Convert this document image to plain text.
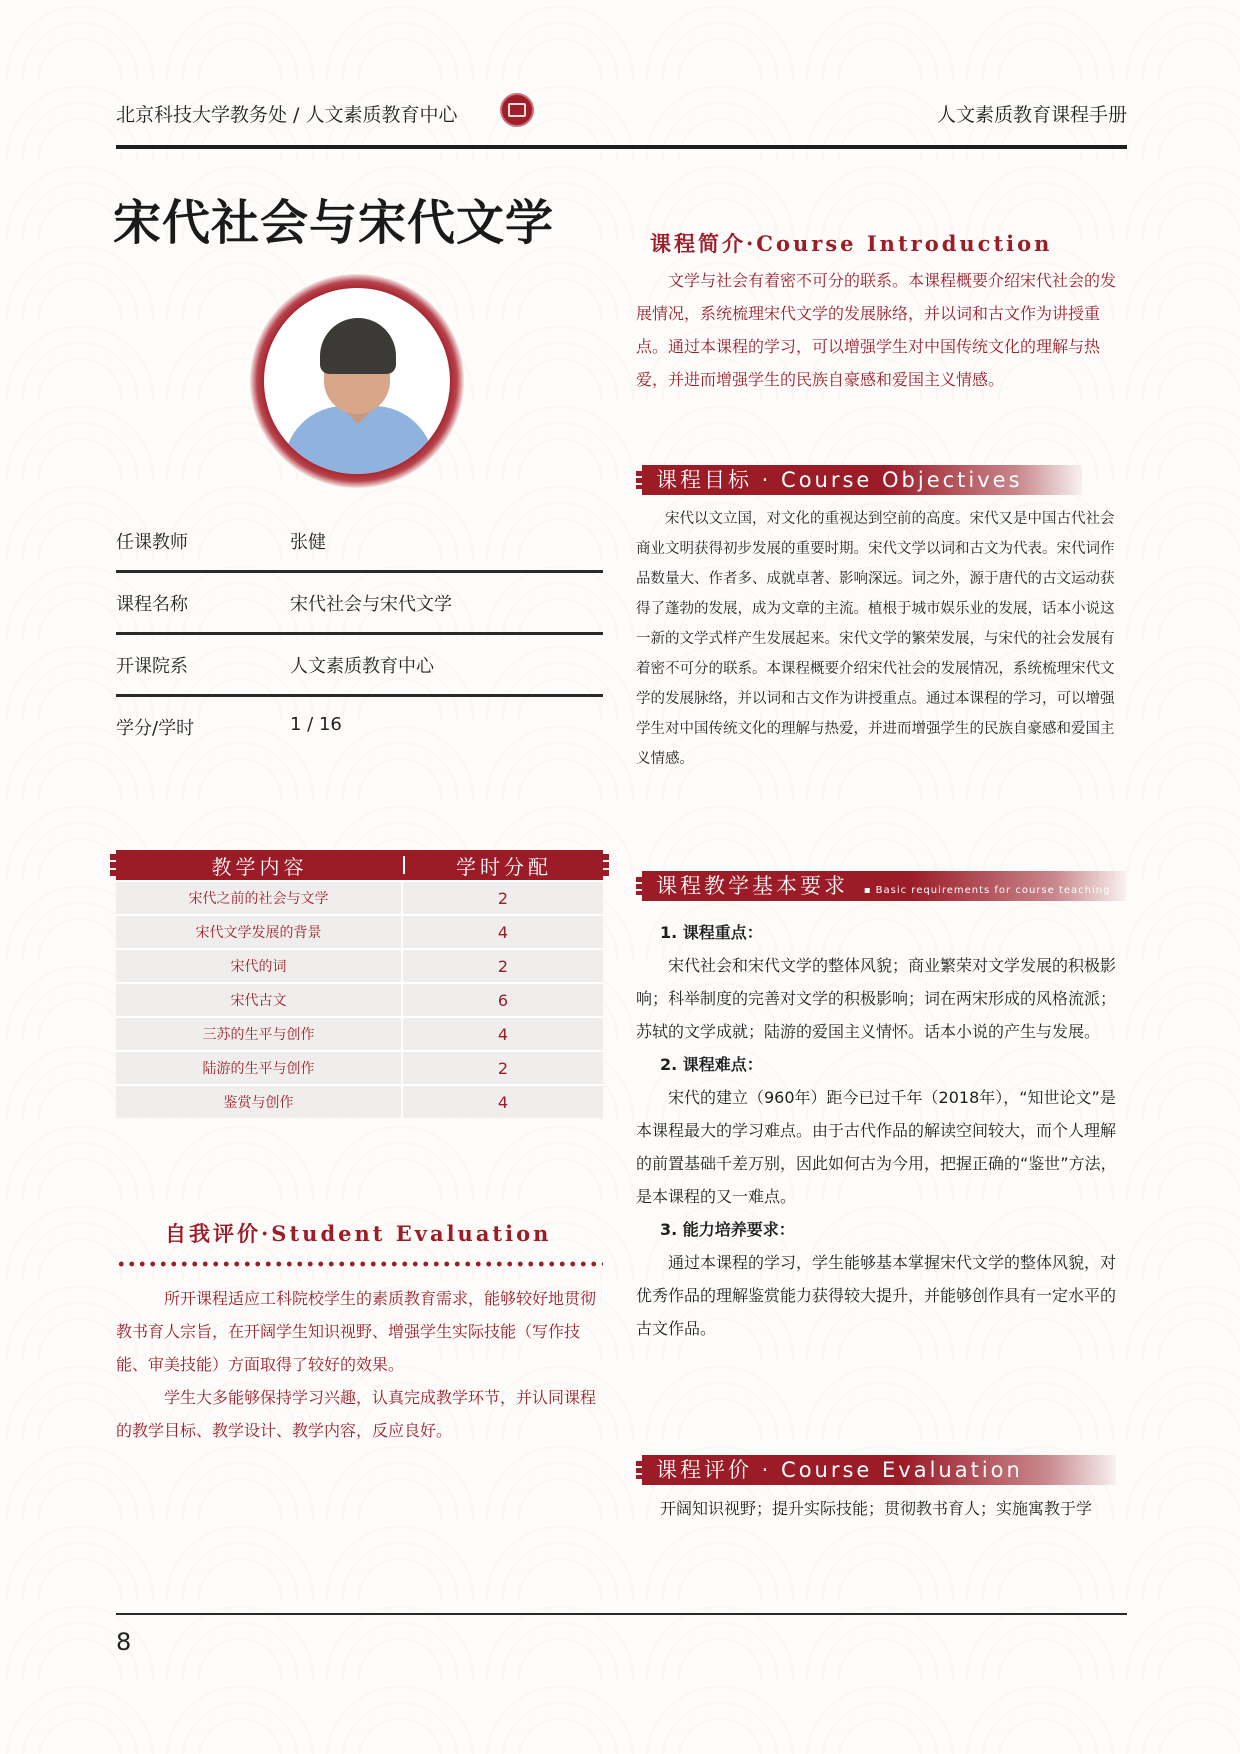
北京科技大学教务处 / 人文素质教育中心	人文素质教育课程手册
宋代社会与宋代文学
任课教师	张健
课程名称	宋代社会与宋代文学
开课院系	人文素质教育中心
学分/学时	1 / 16
教学内容	学时分配
宋代之前的社会与文学	2
宋代文学发展的背景	4
宋代的词	2
宋代古文	6
三苏的生平与创作	4
陆游的生平与创作	2
鉴赏与创作	4
自我评价·Student Evaluation

所开课程适应工科院校学生的素质教育需求，能够较好地贯彻教书育人宗旨，在开阔学生知识视野、增强学生实际技能（写作技能、审美技能）方面取得了较好的效果。

学生大多能够保持学习兴趣，认真完成教学环节，并认同课程的教学目标、教学设计、教学内容，反应良好。

课程简介·Course Introduction

文学与社会有着密不可分的联系。本课程概要介绍宋代社会的发展情况，系统梳理宋代文学的发展脉络，并以词和古文作为讲授重点。通过本课程的学习，可以增强学生对中国传统文化的理解与热爱，并进而增强学生的民族自豪感和爱国主义情感。

课程目标 · Course Objectives

宋代以文立国，对文化的重视达到空前的高度。宋代又是中国古代社会商业文明获得初步发展的重要时期。宋代文学以词和古文为代表。宋代词作品数量大、作者多、成就卓著、影响深远。词之外，源于唐代的古文运动获得了蓬勃的发展，成为文章的主流。植根于城市娱乐业的发展，话本小说这一新的文学式样产生发展起来。宋代文学的繁荣发展，与宋代的社会发展有着密不可分的联系。本课程概要介绍宋代社会的发展情况，系统梳理宋代文学的发展脉络，并以词和古文作为讲授重点。通过本课程的学习，可以增强学生对中国传统文化的理解与热爱，并进而增强学生的民族自豪感和爱国主义情感。

课程教学基本要求 ▪ Basic requirements for course teaching
1. 课程重点：

宋代社会和宋代文学的整体风貌；商业繁荣对文学发展的积极影响；科举制度的完善对文学的积极影响；词在两宋形成的风格流派；苏轼的文学成就；陆游的爱国主义情怀。话本小说的产生与发展。

2. 课程难点：

宋代的建立（960年）距今已过千年（2018年），“知世论文”是本课程最大的学习难点。由于古代作品的解读空间较大，而个人理解的前置基础千差万别，因此如何古为今用，把握正确的“鉴世”方法，是本课程的又一难点。

3. 能力培养要求：

通过本课程的学习，学生能够基本掌握宋代文学的整体风貌，对优秀作品的理解鉴赏能力获得较大提升，并能够创作具有一定水平的古文作品。

课程评价 · Course Evaluation
开阔知识视野；提升实际技能；贯彻教书育人；实施寓教于学
8
